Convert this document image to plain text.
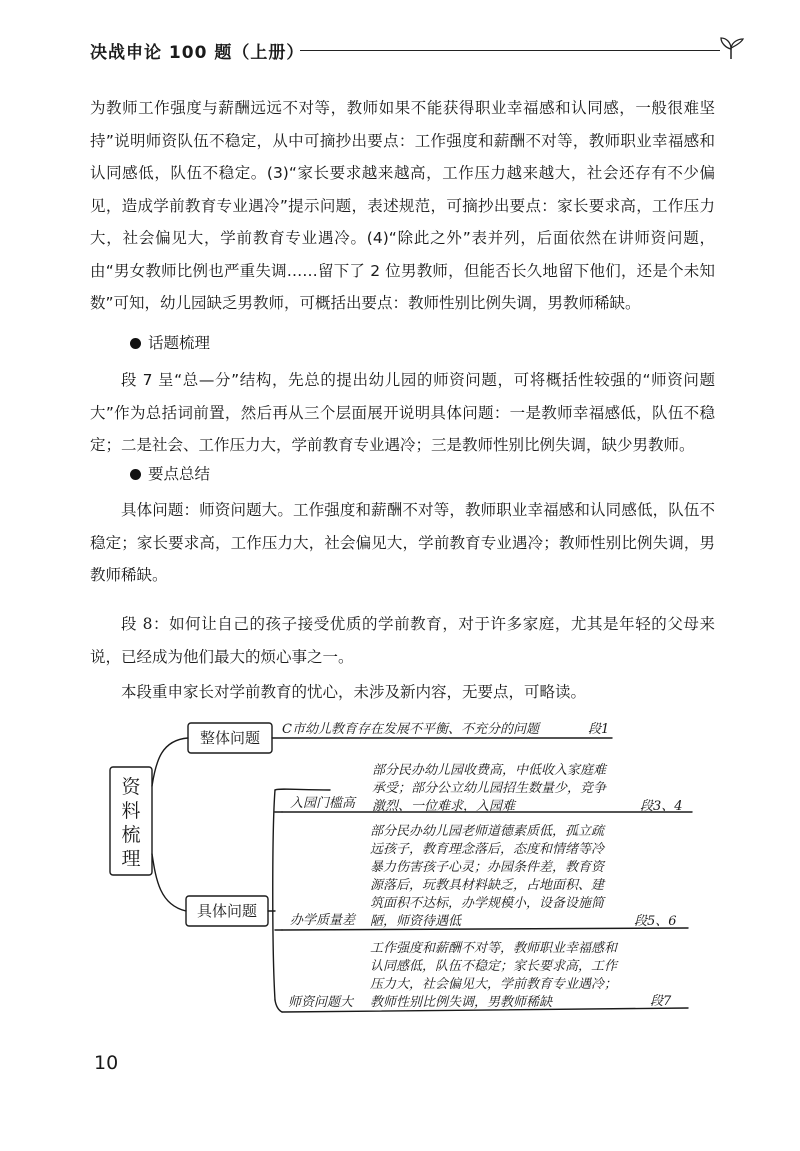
决战申论 100 题（上册）

为教师工作强度与薪酬远远不对等，教师如果不能获得职业幸福感和认同感，一般很难坚持”说明师资队伍不稳定，从中可摘抄出要点：工作强度和薪酬不对等，教师职业幸福感和认同感低，队伍不稳定。(3)“家长要求越来越高，工作压力越来越大，社会还存有不少偏见，造成学前教育专业遇冷”提示问题，表述规范，可摘抄出要点：家长要求高，工作压力大，社会偏见大，学前教育专业遇冷。(4)“除此之外”表并列，后面依然在讲师资问题，由“男女教师比例也严重失调……留下了 2 位男教师，但能否长久地留下他们，还是个未知数”可知，幼儿园缺乏男教师，可概括出要点：教师性别比例失调，男教师稀缺。

话题梳理

段 7 呈“总—分”结构，先总的提出幼儿园的师资问题，可将概括性较强的“师资问题大”作为总括词前置，然后再从三个层面展开说明具体问题：一是教师幸福感低，队伍不稳定；二是社会、工作压力大，学前教育专业遇冷；三是教师性别比例失调，缺少男教师。

要点总结

具体问题：师资问题大。工作强度和薪酬不对等，教师职业幸福感和认同感低，队伍不稳定；家长要求高，工作压力大，社会偏见大，学前教育专业遇冷；教师性别比例失调，男教师稀缺。

段 8：如何让自己的孩子接受优质的学前教育，对于许多家庭，尤其是年轻的父母来说，已经成为他们最大的烦心事之一。

本段重申家长对学前教育的忧心，未涉及新内容，无要点，可略读。

资
料
梳
理
整体问题
具体问题
C市幼儿教育存在发展不平衡、不充分的问题	段1
入园门槛高
部分民办幼儿园收费高，中低收入家庭难
承受；部分公立幼儿园招生数量少，竞争
激烈、一位难求，入园难	段3、4
办学质量差
部分民办幼儿园老师道德素质低，孤立疏
远孩子，教育理念落后，态度和情绪等冷
暴力伤害孩子心灵；办园条件差，教育资
源落后，玩教具材料缺乏，占地面积、建
筑面积不达标，办学规模小，设备设施简
陋，师资待遇低	段5、6
师资问题大
工作强度和薪酬不对等，教师职业幸福感和
认同感低，队伍不稳定；家长要求高，工作
压力大，社会偏见大，学前教育专业遇冷；
教师性别比例失调，男教师稀缺	段7
10
